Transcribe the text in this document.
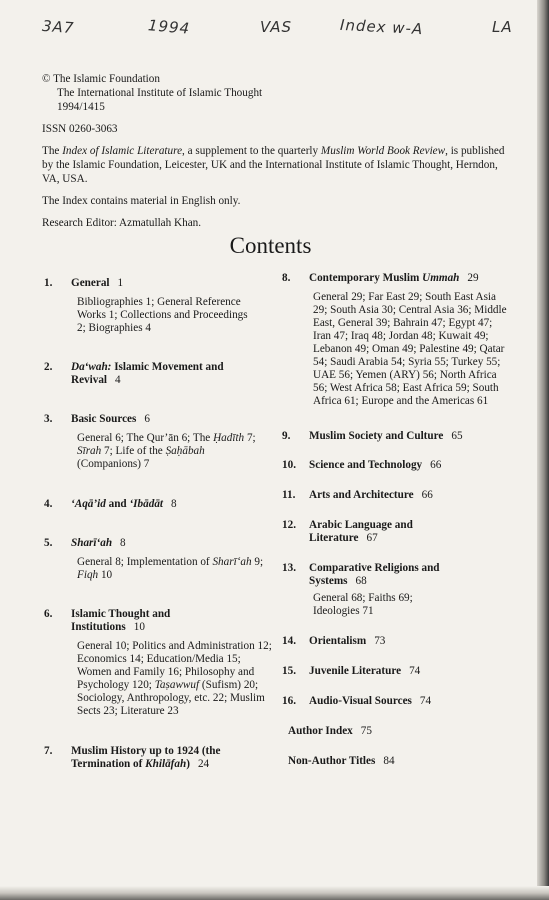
3A7	1994	VAS	Index w-A	LA

© The Islamic Foundation

The International Institute of Islamic Thought

1994/1415

ISSN 0260-3063

The Index of Islamic Literature, a supplement to the quarterly Muslim World Book Review, is published by the Islamic Foundation, Leicester, UK and the International Institute of Islamic Thought, Herndon, VA, USA.

The Index contains material in English only.

Research Editor: Azmatullah Khan.

Contents
1.	General 1
Bibliographies 1; General Reference Works 1; Collections and Proceedings 2; Biographies 4
2.	Da‘wah: Islamic Movement and Revival 4
3.	Basic Sources 6
General 6; The Qur’ān 6; The Ḥadīth 7; Sīrah 7; Life of the Ṣaḥābah (Companions) 7
4.	‘Aqā’id and ‘Ibādāt 8
5.	Sharī‘ah 8
General 8; Implementation of Sharī‘ah 9; Fiqh 10
6.	Islamic Thought and Institutions 10
General 10; Politics and Administration 12; Economics 14; Education/Media 15; Women and Family 16; Philosophy and Psychology 120; Taṣawwuf (Sufism) 20; Sociology, Anthropology, etc. 22; Muslim Sects 23; Literature 23
7.	Muslim History up to 1924 (the Termination of Khilāfah) 24
8.	Contemporary Muslim Ummah 29
General 29; Far East 29; South East Asia 29; South Asia 30; Central Asia 36; Middle East, General 39; Bahrain 47; Egypt 47; Iran 47; Iraq 48; Jordan 48; Kuwait 49; Lebanon 49; Oman 49; Palestine 49; Qatar 54; Saudi Arabia 54; Syria 55; Turkey 55; UAE 56; Yemen (ARY) 56; North Africa 56; West Africa 58; East Africa 59; South Africa 61; Europe and the Americas 61
9.	Muslim Society and Culture 65
10.	Science and Technology 66
11.	Arts and Architecture 66
12.	Arabic Language and Literature 67
13.	Comparative Religions and Systems 68
General 68; Faiths 69; Ideologies 71
14.	Orientalism 73
15.	Juvenile Literature 74
16.	Audio-Visual Sources 74
Author Index 75
Non-Author Titles 84
